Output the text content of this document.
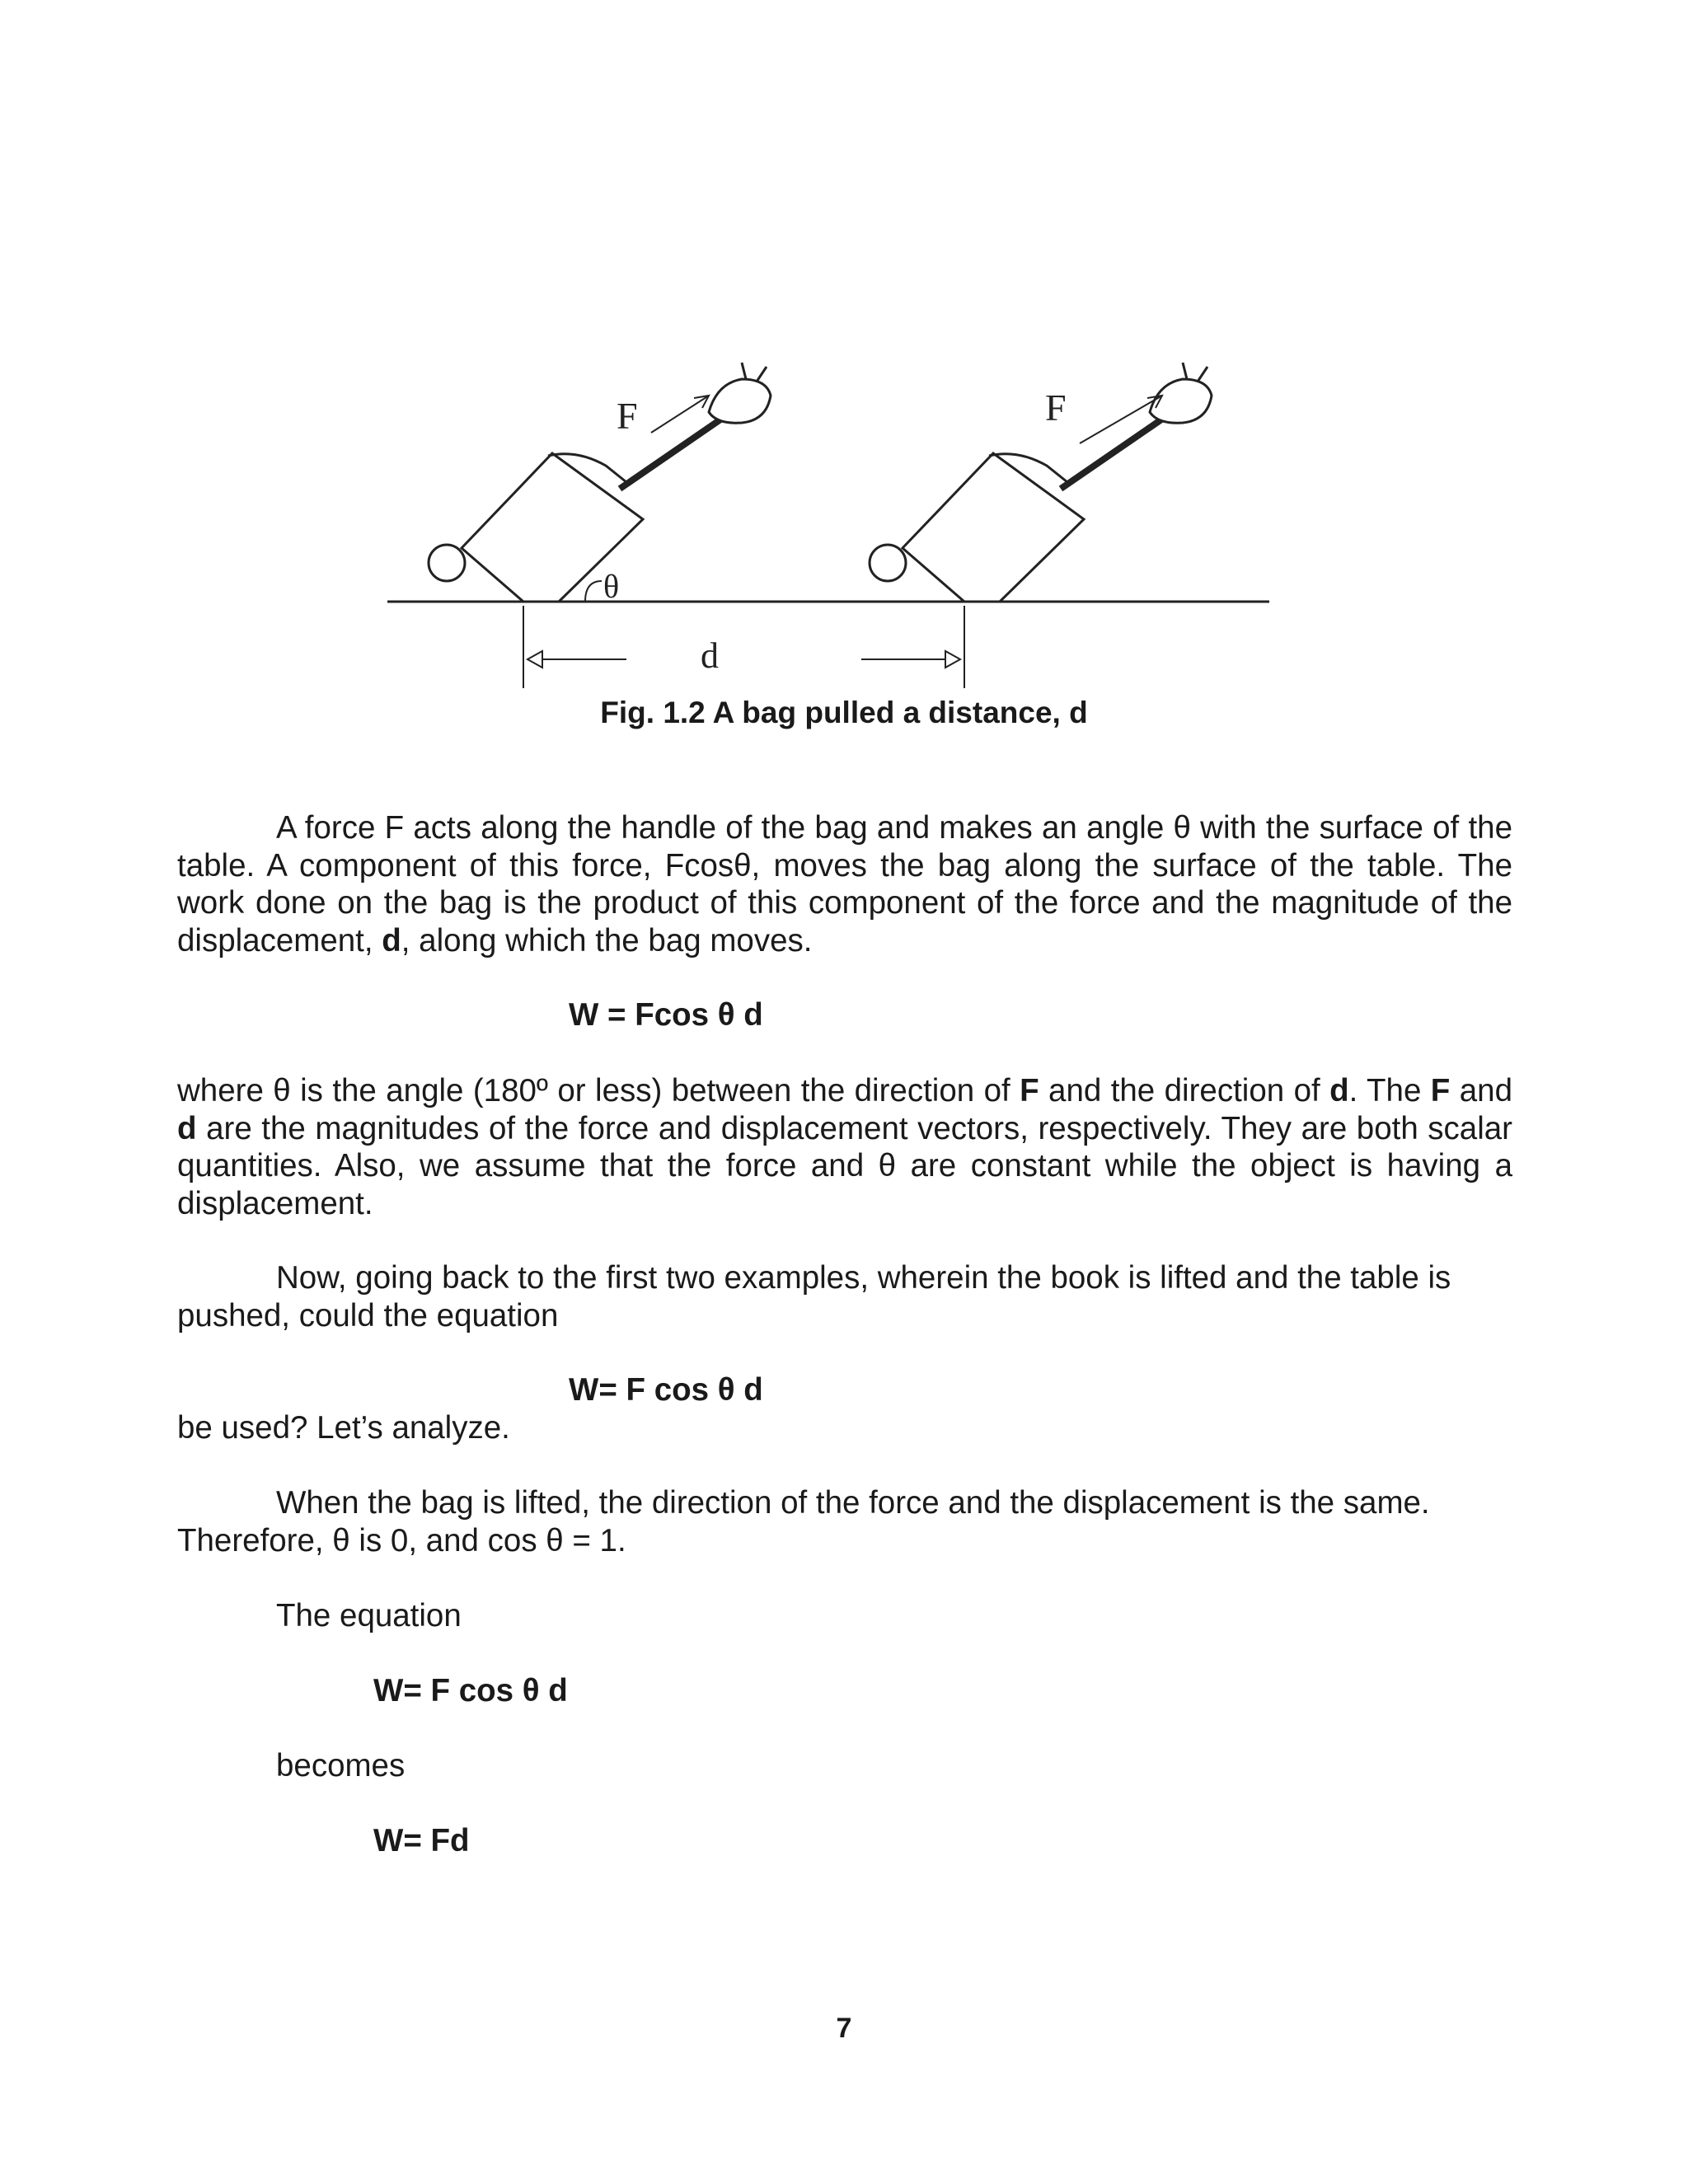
F	F
θ
d
Fig. 1.2 A bag pulled a distance, d

A force F acts along the handle of the bag and makes an angle θ with the surface of the table. A component of this force, Fcosθ, moves the bag along the surface of the table. The work done on the bag is the product of this component of the force and the magnitude of the displacement, d, along which the bag moves.

W = Fcos θ d

where θ is the angle (180º or less) between the direction of F and the direction of d. The F and d are the magnitudes of the force and displacement vectors, respectively. They are both scalar quantities. Also, we assume that the force and θ are constant while the object is having a displacement.

Now, going back to the first two examples, wherein the book is lifted and the table is pushed, could the equation

W= F cos θ d

be used? Let’s analyze.

When the bag is lifted, the direction of the force and the displacement is the same. Therefore, θ is 0, and cos θ = 1.

The equation

W= F cos θ d

becomes

W= Fd

7
